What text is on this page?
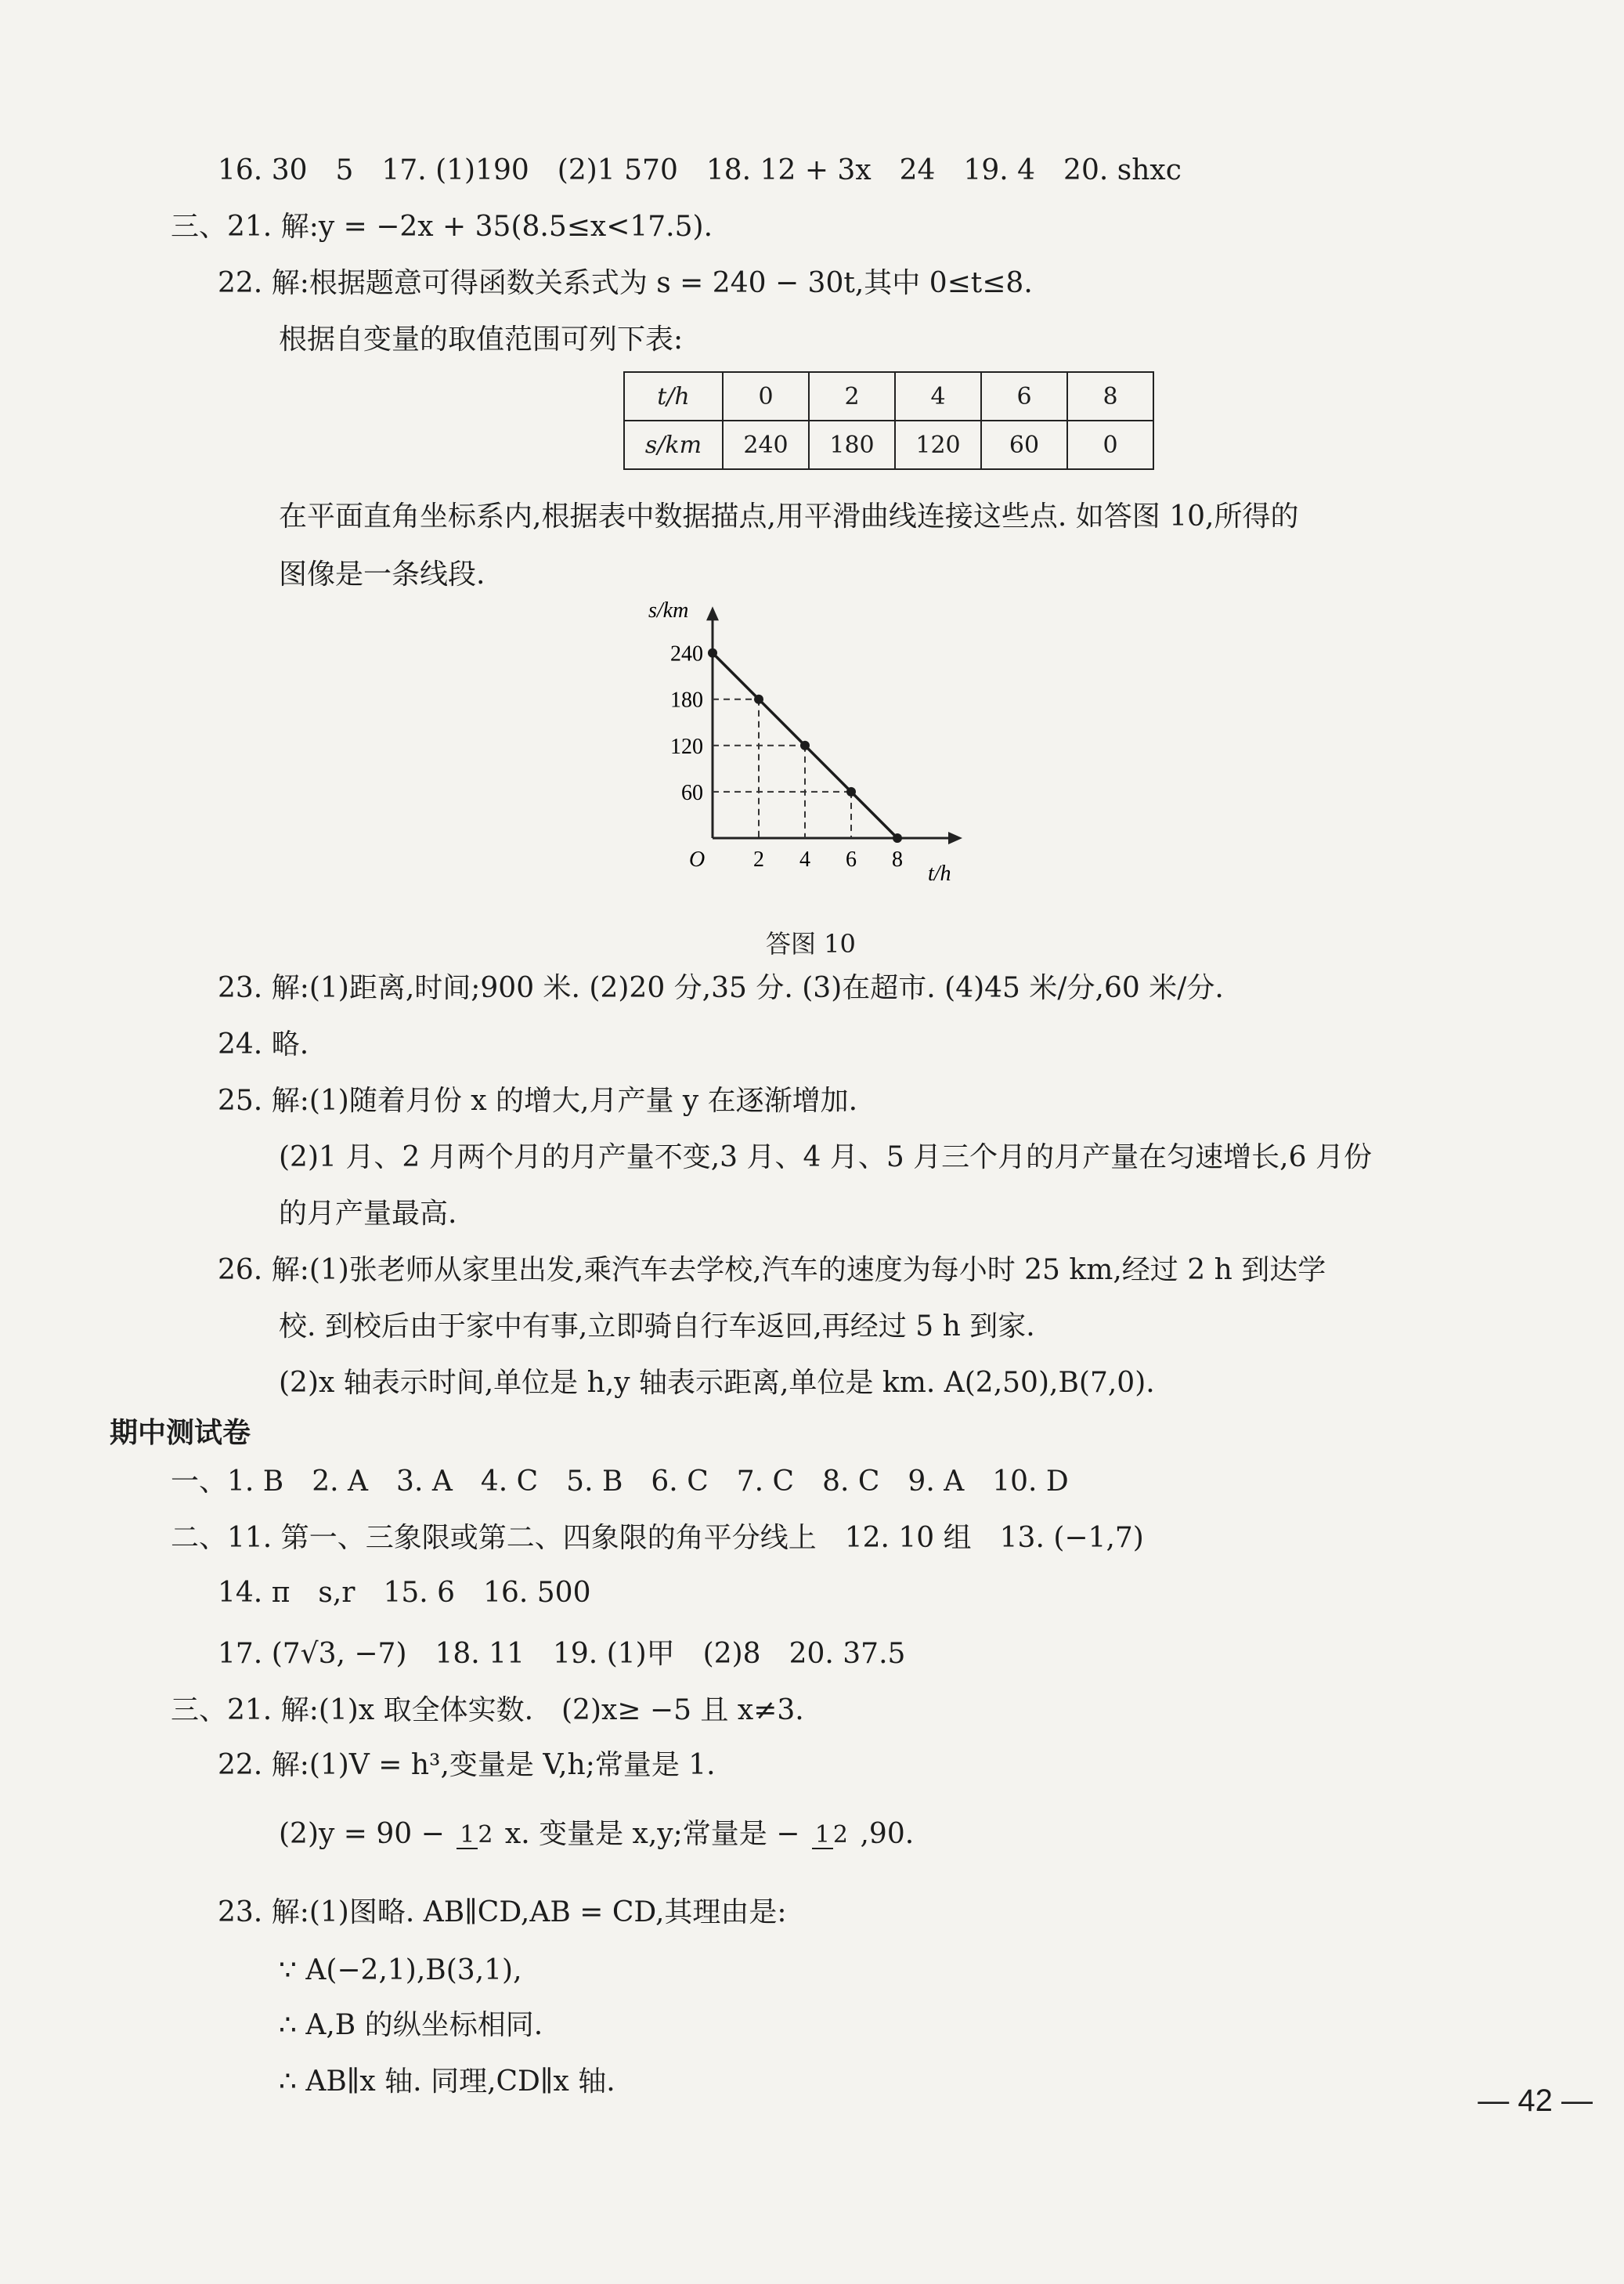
16. 30　5　17. (1)190　(2)1 570　18. 12 + 3x　24　19. 4　20. shxc
三、21. 解:y = −2x + 35(8.5≤x<17.5).
22. 解:根据题意可得函数关系式为 s = 240 − 30t,其中 0≤t≤8.
根据自变量的取值范围可列下表:
t/h	0	2	4	6	8
s/km	240	180	120	60	0
在平面直角坐标系内,根据表中数据描点,用平滑曲线连接这些点. 如答图 10,所得的
图像是一条线段.
s/km
t/h
O
60
120
180
240
2 4 6 8
答图 10
23. 解:(1)距离,时间;900 米. (2)20 分,35 分. (3)在超市. (4)45 米/分,60 米/分.
24. 略.
25. 解:(1)随着月份 x 的增大,月产量 y 在逐渐增加.
(2)1 月、2 月两个月的月产量不变,3 月、4 月、5 月三个月的月产量在匀速增长,6 月份
的月产量最高.
26. 解:(1)张老师从家里出发,乘汽车去学校,汽车的速度为每小时 25 km,经过 2 h 到达学
校. 到校后由于家中有事,立即骑自行车返回,再经过 5 h 到家.
(2)x 轴表示时间,单位是 h,y 轴表示距离,单位是 km. A(2,50),B(7,0).
期中测试卷
一、1. B　2. A　3. A　4. C　5. B　6. C　7. C　8. C　9. A　10. D
二、11. 第一、三象限或第二、四象限的角平分线上　12. 10 组　13. (−1,7)
14. π　s,r　15. 6　16. 500
17. (7√3, −7)　18. 11　19. (1)甲　(2)8　20. 37.5
三、21. 解:(1)x 取全体实数.　(2)x≥ −5 且 x≠3.
22. 解:(1)V = h³,变量是 V,h;常量是 1.
(2)y = 90 − 1 2 x. 变量是 x,y;常量是 − 1 2 ,90.
23. 解:(1)图略. AB∥CD,AB = CD,其理由是:
∵ A(−2,1),B(3,1),
∴ A,B 的纵坐标相同.
∴ AB∥x 轴. 同理,CD∥x 轴.
— 42 —
